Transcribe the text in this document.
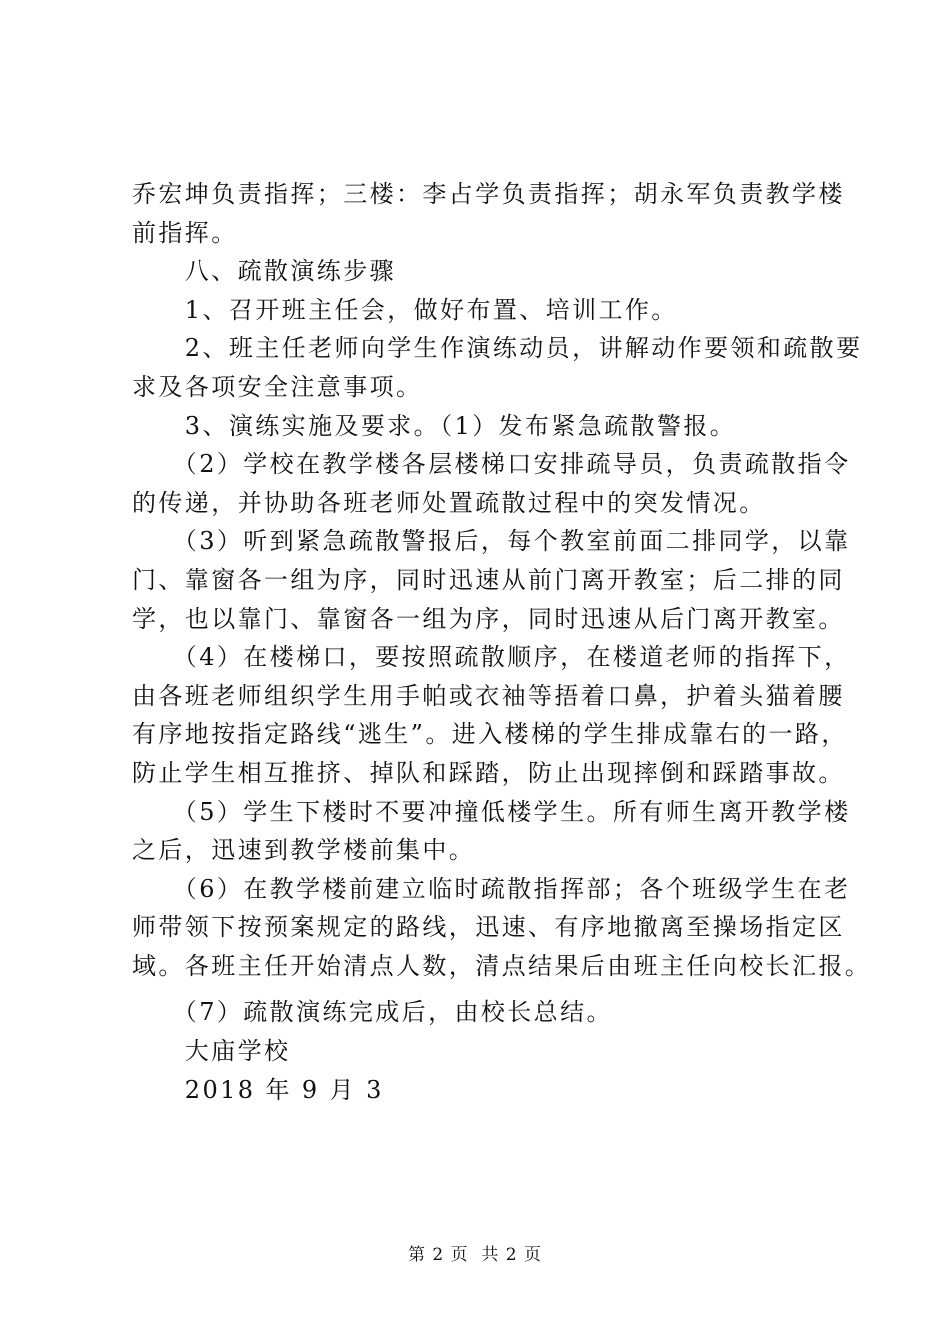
乔宏坤负责指挥；三楼：李占学负责指挥；胡永军负责教学楼

前指挥。

　　八、疏散演练步骤

　　1、召开班主任会，做好布置、培训工作。

　　2、班主任老师向学生作演练动员，讲解动作要领和疏散要

求及各项安全注意事项。

　　3、演练实施及要求。（1）发布紧急疏散警报。

　　（2）学校在教学楼各层楼梯口安排疏导员，负责疏散指令

的传递，并协助各班老师处置疏散过程中的突发情况。

　　（3）听到紧急疏散警报后，每个教室前面二排同学，以靠

门、靠窗各一组为序，同时迅速从前门离开教室；后二排的同

学，也以靠门、靠窗各一组为序，同时迅速从后门离开教室。

　　（4）在楼梯口，要按照疏散顺序，在楼道老师的指挥下，

由各班老师组织学生用手帕或衣袖等捂着口鼻，护着头猫着腰

有序地按指定路线“逃生”。进入楼梯的学生排成靠右的一路，

防止学生相互推挤、掉队和踩踏，防止出现摔倒和踩踏事故。

　　（5）学生下楼时不要冲撞低楼学生。所有师生离开教学楼

之后，迅速到教学楼前集中。

　　（6）在教学楼前建立临时疏散指挥部；各个班级学生在老

师带领下按预案规定的路线，迅速、有序地撤离至操场指定区

域。各班主任开始清点人数，清点结果后由班主任向校长汇报。

　　（7）疏散演练完成后，由校长总结。

　　大庙学校

　　2018 年 9 月 3

第 2 页  共 2 页
